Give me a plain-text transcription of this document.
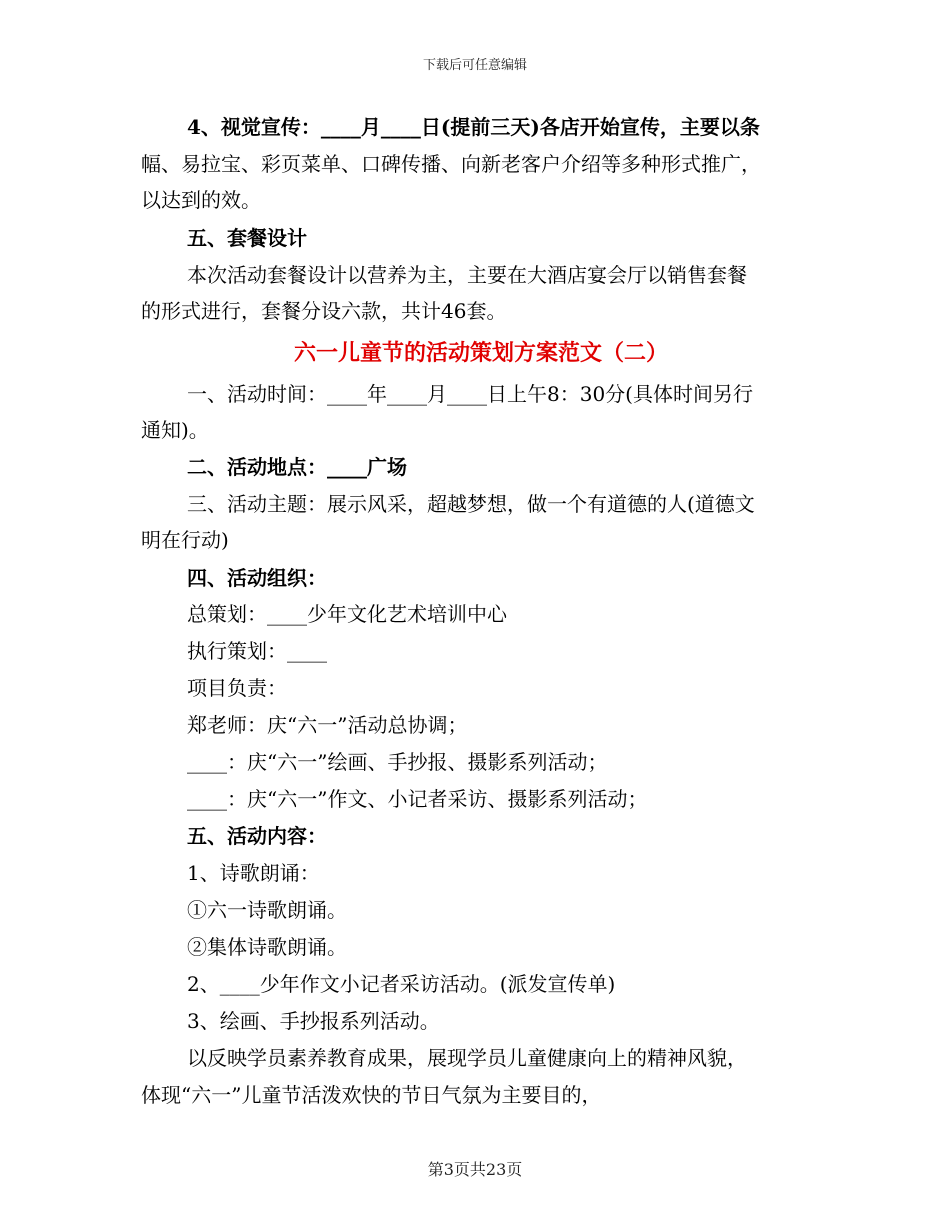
下载后可任意编辑
4、视觉宣传：____月____日(提前三天)各店开始宣传，主要以条
幅、易拉宝、彩页菜单、口碑传播、向新老客户介绍等多种形式推广，
以达到的效。
五、套餐设计
本次活动套餐设计以营养为主，主要在大酒店宴会厅以销售套餐
的形式进行，套餐分设六款，共计46套。
六一儿童节的活动策划方案范文（二）
一、活动时间：____年____月____日上午8：30分(具体时间另行
通知)。
二、活动地点：____广场
三、活动主题：展示风采，超越梦想，做一个有道德的人(道德文
明在行动)
四、活动组织：
总策划：____少年文化艺术培训中心
执行策划：____
项目负责：
郑老师：庆“六一”活动总协调；
____：庆“六一”绘画、手抄报、摄影系列活动；
____：庆“六一”作文、小记者采访、摄影系列活动；
五、活动内容：
1、诗歌朗诵：
①六一诗歌朗诵。
②集体诗歌朗诵。
2、____少年作文小记者采访活动。(派发宣传单)
3、绘画、手抄报系列活动。
以反映学员素养教育成果，展现学员儿童健康向上的精神风貌，
体现“六一”儿童节活泼欢快的节日气氛为主要目的，
第3页共23页
